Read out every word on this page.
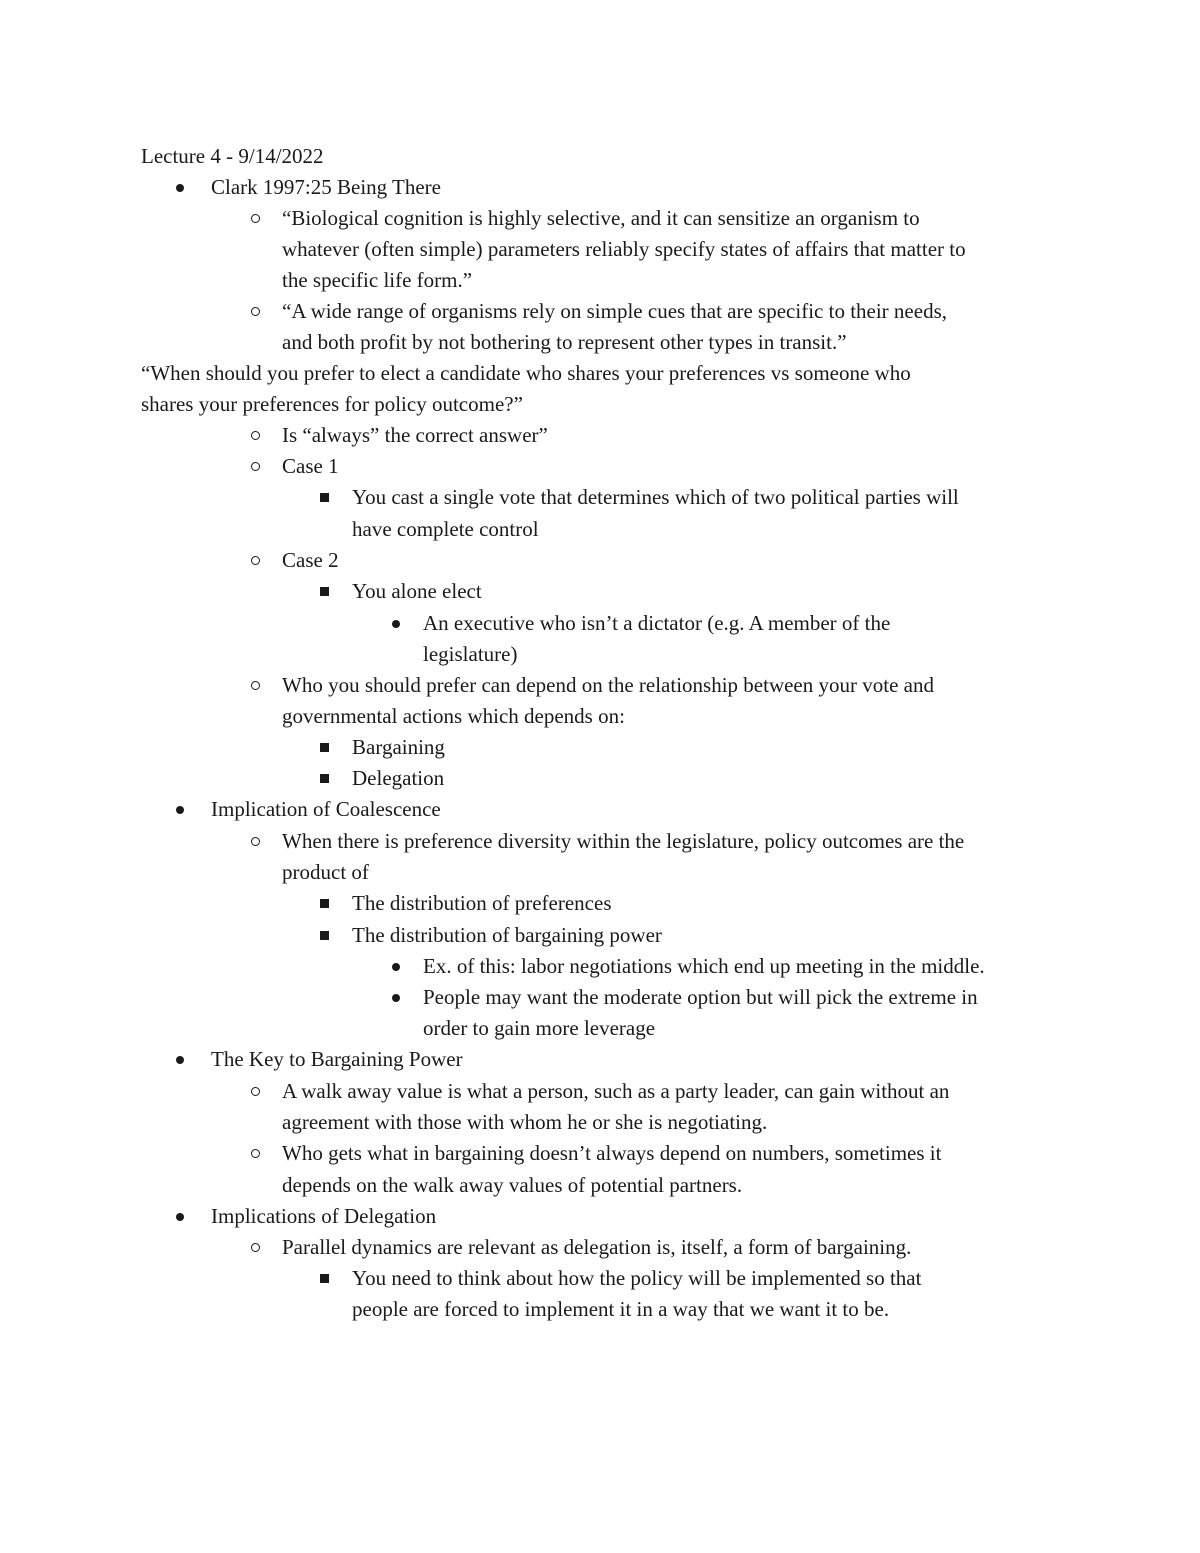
Lecture 4 - 9/14/2022
Clark 1997:25 Being There
“Biological cognition is highly selective, and it can sensitize an organism to
whatever (often simple) parameters reliably specify states of affairs that matter to
the specific life form.”
“A wide range of organisms rely on simple cues that are specific to their needs,
and both profit by not bothering to represent other types in transit.”
“When should you prefer to elect a candidate who shares your preferences vs someone who
shares your preferences for policy outcome?”
Is “always” the correct answer”
Case 1
You cast a single vote that determines which of two political parties will
have complete control
Case 2
You alone elect
An executive who isn’t a dictator (e.g. A member of the
legislature)
Who you should prefer can depend on the relationship between your vote and
governmental actions which depends on:
Bargaining
Delegation
Implication of Coalescence
When there is preference diversity within the legislature, policy outcomes are the
product of
The distribution of preferences
The distribution of bargaining power
Ex. of this: labor negotiations which end up meeting in the middle.
People may want the moderate option but will pick the extreme in
order to gain more leverage
The Key to Bargaining Power
A walk away value is what a person, such as a party leader, can gain without an
agreement with those with whom he or she is negotiating.
Who gets what in bargaining doesn’t always depend on numbers, sometimes it
depends on the walk away values of potential partners.
Implications of Delegation
Parallel dynamics are relevant as delegation is, itself, a form of bargaining.
You need to think about how the policy will be implemented so that
people are forced to implement it in a way that we want it to be.
